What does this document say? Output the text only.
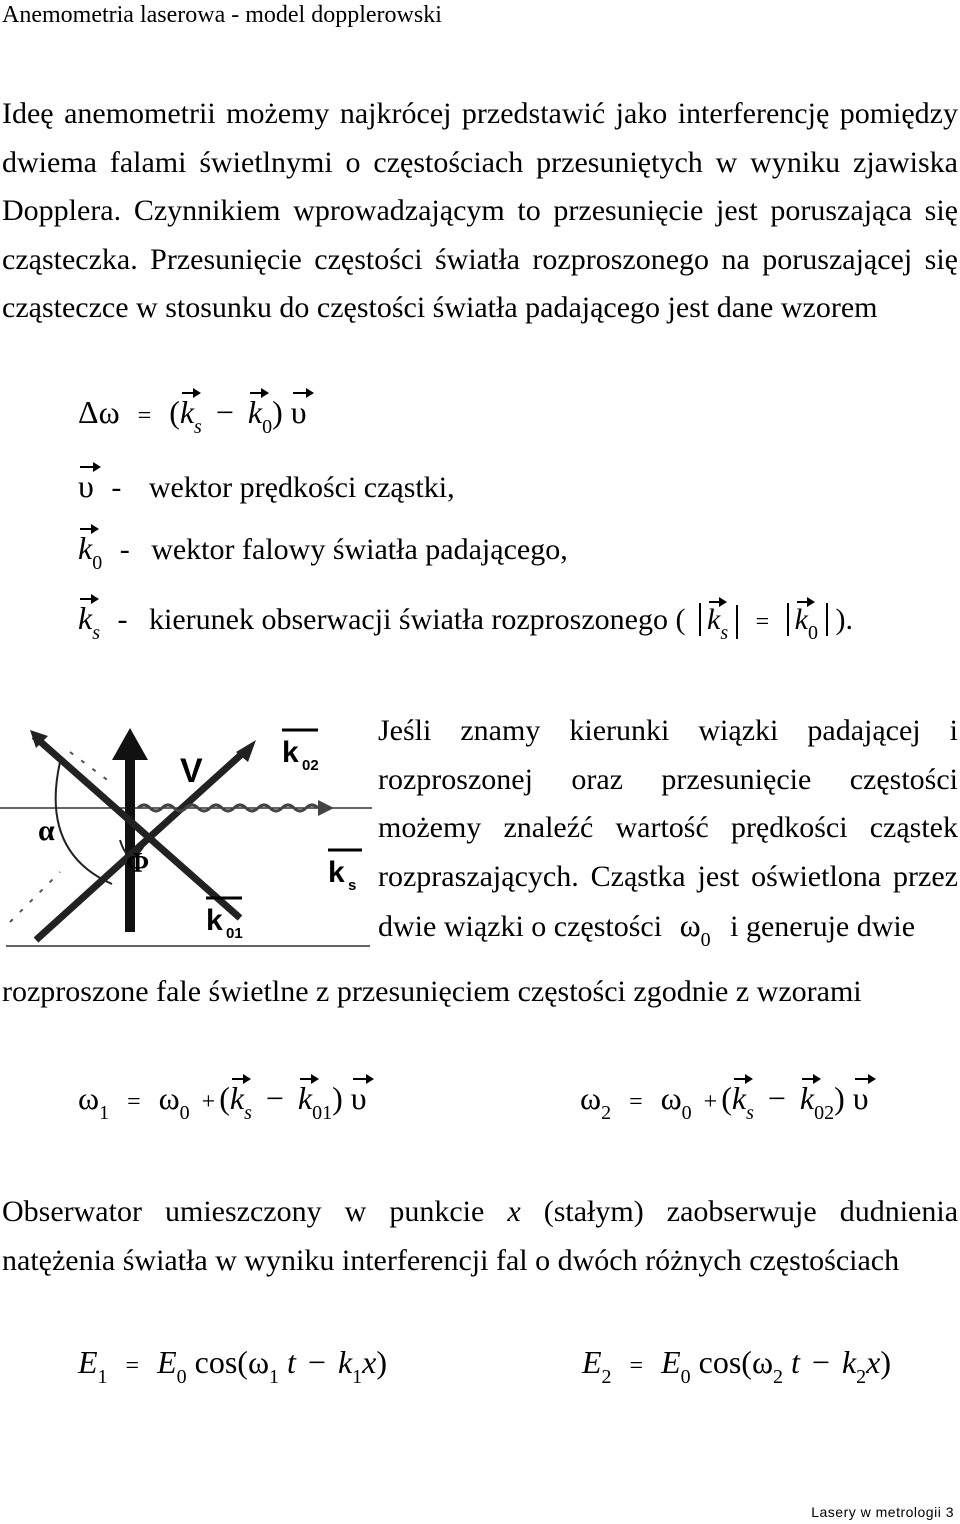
Anemometria laserowa - model dopplerowski
Ideę anemometrii możemy najkrócej przedstawić jako interferencję pomiędzy dwiema falami świetlnymi o częstościach przesuniętych w wyniku zjawiska Dopplera. Czynnikiem wprowadzającym to przesunięcie jest poruszająca się cząsteczka. Przesunięcie częstości światła rozproszonego na poruszającej się cząsteczce w stosunku do częstości światła padającego jest dane wzorem
$\Delta\omega = (k_s - k_0)$ υ
υ - wektor prędkości cząstki,
$k_0$ - wektor falowy światła padającego,
$k_s$ - kierunek obserwacji światła rozproszonego ( $k_s = k_0$ ).
V	k 02
k s
k 01
α
Φ
Jeśli znamy kierunki wiązki padającej i rozproszonej oraz przesunięcie częstości możemy znaleźć wartość prędkości cząstek rozpraszających. Cząstka jest oświetlona przez dwie wiązki o częstości $\omega_0$ i generuje dwie
rozproszone fale świetlne z przesunięciem częstości zgodnie z wzorami
$\omega_1 = \omega_0 + (k_s - k_{01})$ υ	$\omega_2 = \omega_0 + (k_s - k_{02})$ υ
Obserwator umieszczony w punkcie x (stałym) zaobserwuje dudnienia natężenia światła w wyniku interferencji fal o dwóch różnych częstościach
$E_1 = E_0$ $\cos(\omega_1$ $t - k_1x$)	$E_2 = E_0$ $\cos(\omega_2$ $t - k_2x$)
Lasery w metrologii 3
